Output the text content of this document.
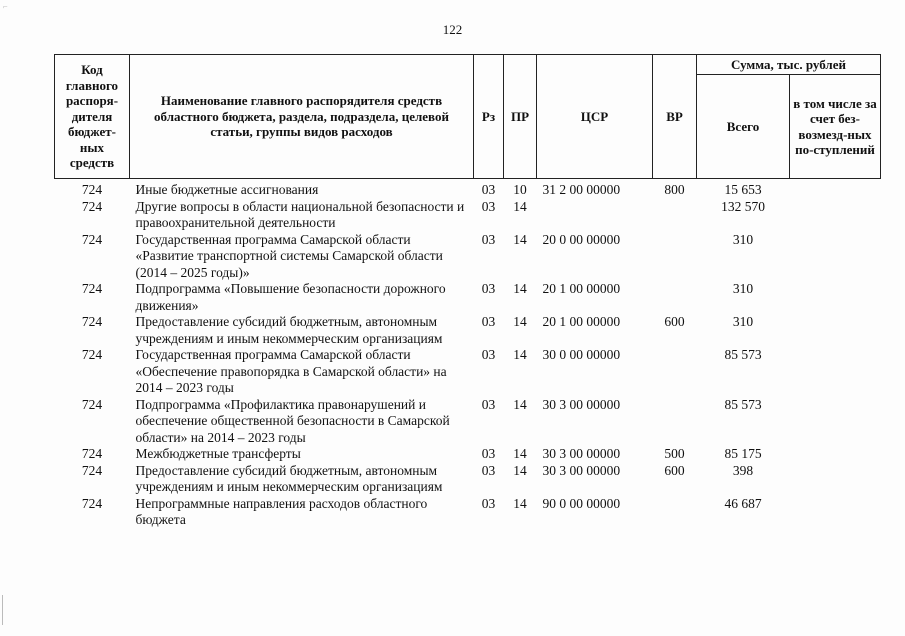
⌐
122
Код главного распоря-дителя бюджет-ных средств	Наименование главного распорядителя средств областного бюджета, раздела, подраздела, целевой статьи, группы видов расходов	Рз	ПР	ЦСР	ВР	Сумма, тыс. рублей	
						Всего	в том числе за счет без-возмезд-ных по-ступлений
724	Иные бюджетные ассигнования	03	10	31 2 00 00000	800	15 653	
724	Другие вопросы в области национальной безопасности и правоохранительной деятельности	03	14			132 570	
724	Государственная программа Самарской области «Развитие транспортной системы Самарской области (2014 – 2025 годы)»	03	14	20 0 00 00000		310	
724	Подпрограмма «Повышение безопасности дорожного движения»	03	14	20 1 00 00000		310	
724	Предоставление субсидий бюджетным, автономным учреждениям и иным некоммерческим организациям	03	14	20 1 00 00000	600	310	
724	Государственная программа Самарской области «Обеспечение правопорядка в Самарской области» на 2014 – 2023 годы	03	14	30 0 00 00000		85 573	
724	Подпрограмма «Профилактика правонарушений и обеспечение общественной безопасности в Самарской области» на 2014 – 2023 годы	03	14	30 3 00 00000		85 573	
724	Межбюджетные трансферты	03	14	30 3 00 00000	500	85 175	
724	Предоставление субсидий бюджетным, автономным учреждениям и иным некоммерческим организациям	03	14	30 3 00 00000	600	398	
724	Непрограммные направления расходов областного бюджета	03	14	90 0 00 00000		46 687	
